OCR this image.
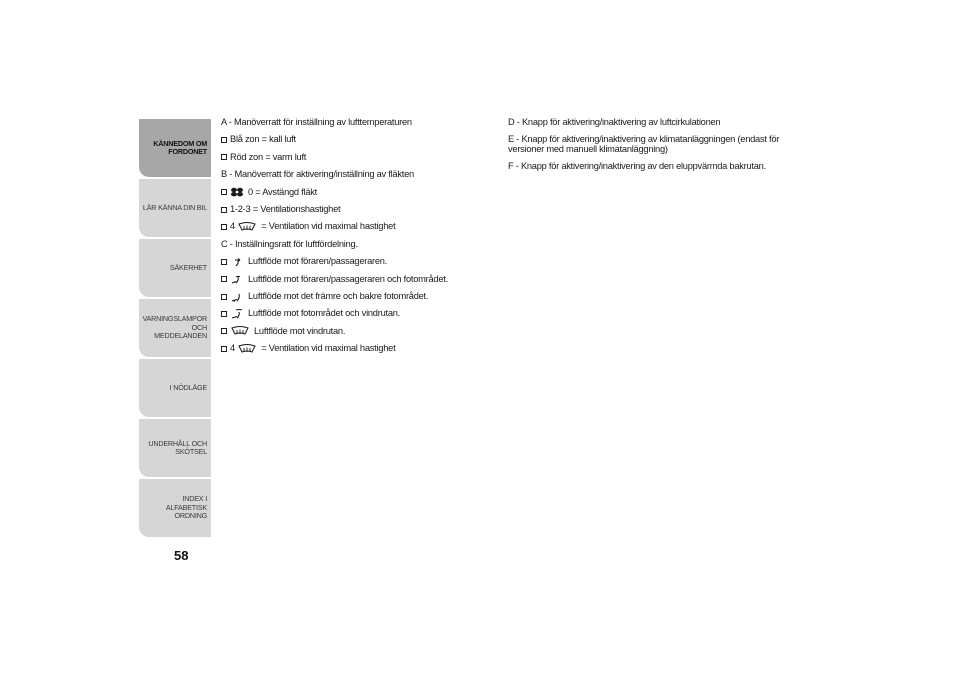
KÄNNEDOM OM FORDONET
LÄR KÄNNA DIN BIL
SÄKERHET
VARNINGSLAMPOR OCH MEDDELANDEN
I NÖDLÄGE
UNDERHÅLL OCH SKÖTSEL
INDEX I ALFABETISK ORDNING
58
A - Manöverratt för inställning av lufttemperaturen
Blå zon = kall luft
Röd zon = varm luft
B - Manöverratt för aktivering/inställning av fläkten
0 = Avstängd fläkt
1-2-3 = Ventilationshastighet
4
	= Ventilation vid maximal hastighet
C - Inställningsratt för luftfördelning.
Luftflöde mot föraren/passageraren.
Luftflöde mot föraren/passageraren och fotområdet.
Luftflöde mot det främre och bakre fotområdet.
Luftflöde mot fotområdet och vindrutan.
Luftflöde mot vindrutan.
4
	= Ventilation vid maximal hastighet
D - Knapp för aktivering/inaktivering av luftcirkulationen
E - Knapp för aktivering/inaktivering av klimatanläggningen (endast för versioner med manuell klimatanläggning)
F - Knapp för aktivering/inaktivering av den eluppvärmda bakrutan.
